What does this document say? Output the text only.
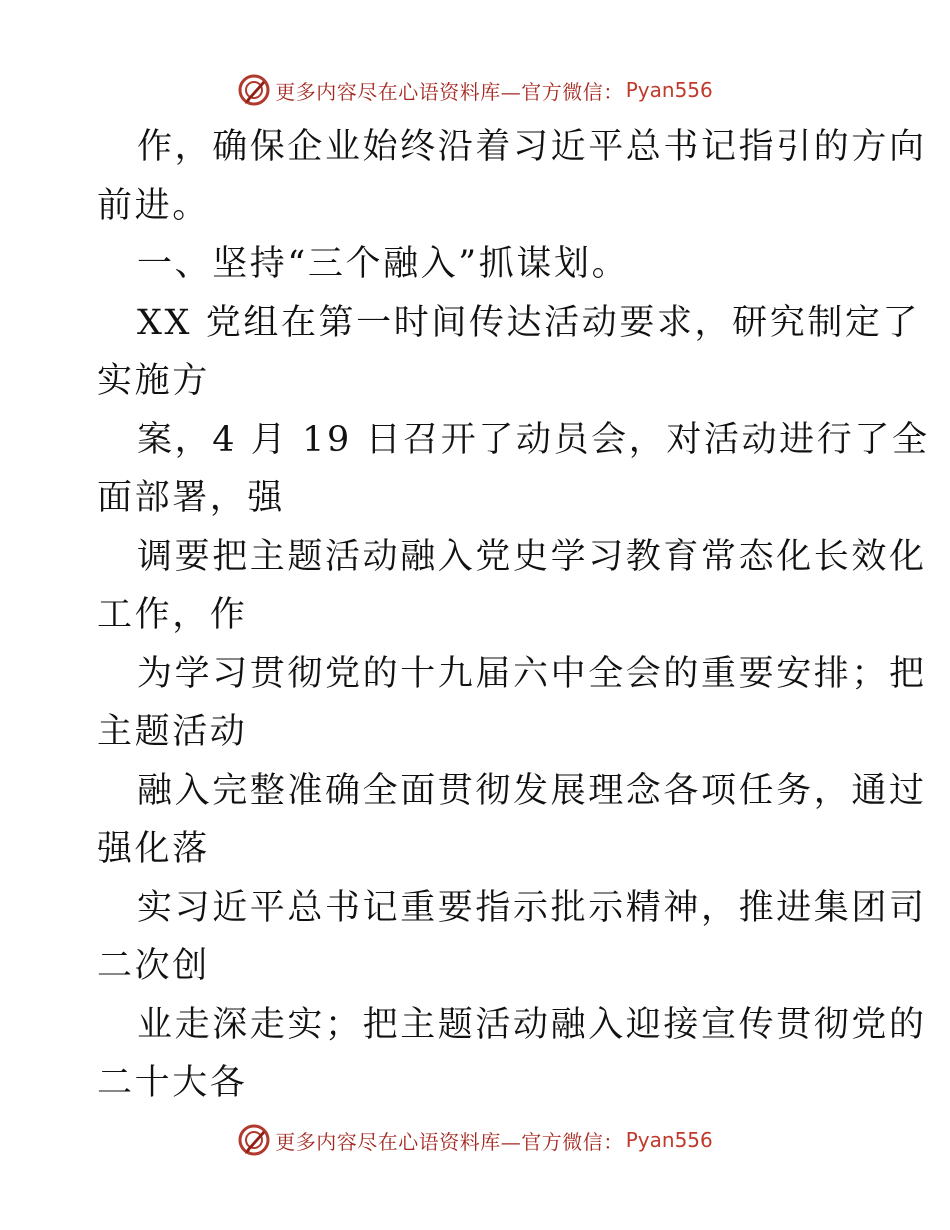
更多内容尽在心语资料库—官方微信： Pyan556
作，确保企业始终沿着习近平总书记指引的方向
前进。
一、坚持“三个融入”抓谋划。
XX 党组在第一时间传达活动要求，研究制定了
实施方
案，4 月 19 日召开了动员会，对活动进行了全
面部署，强
调要把主题活动融入党史学习教育常态化长效化
工作，作
为学习贯彻党的十九届六中全会的重要安排；把
主题活动
融入完整准确全面贯彻发展理念各项任务，通过
强化落
实习近平总书记重要指示批示精神，推进集团司
二次创
业走深走实；把主题活动融入迎接宣传贯彻党的
二十大各
更多内容尽在心语资料库—官方微信： Pyan556
